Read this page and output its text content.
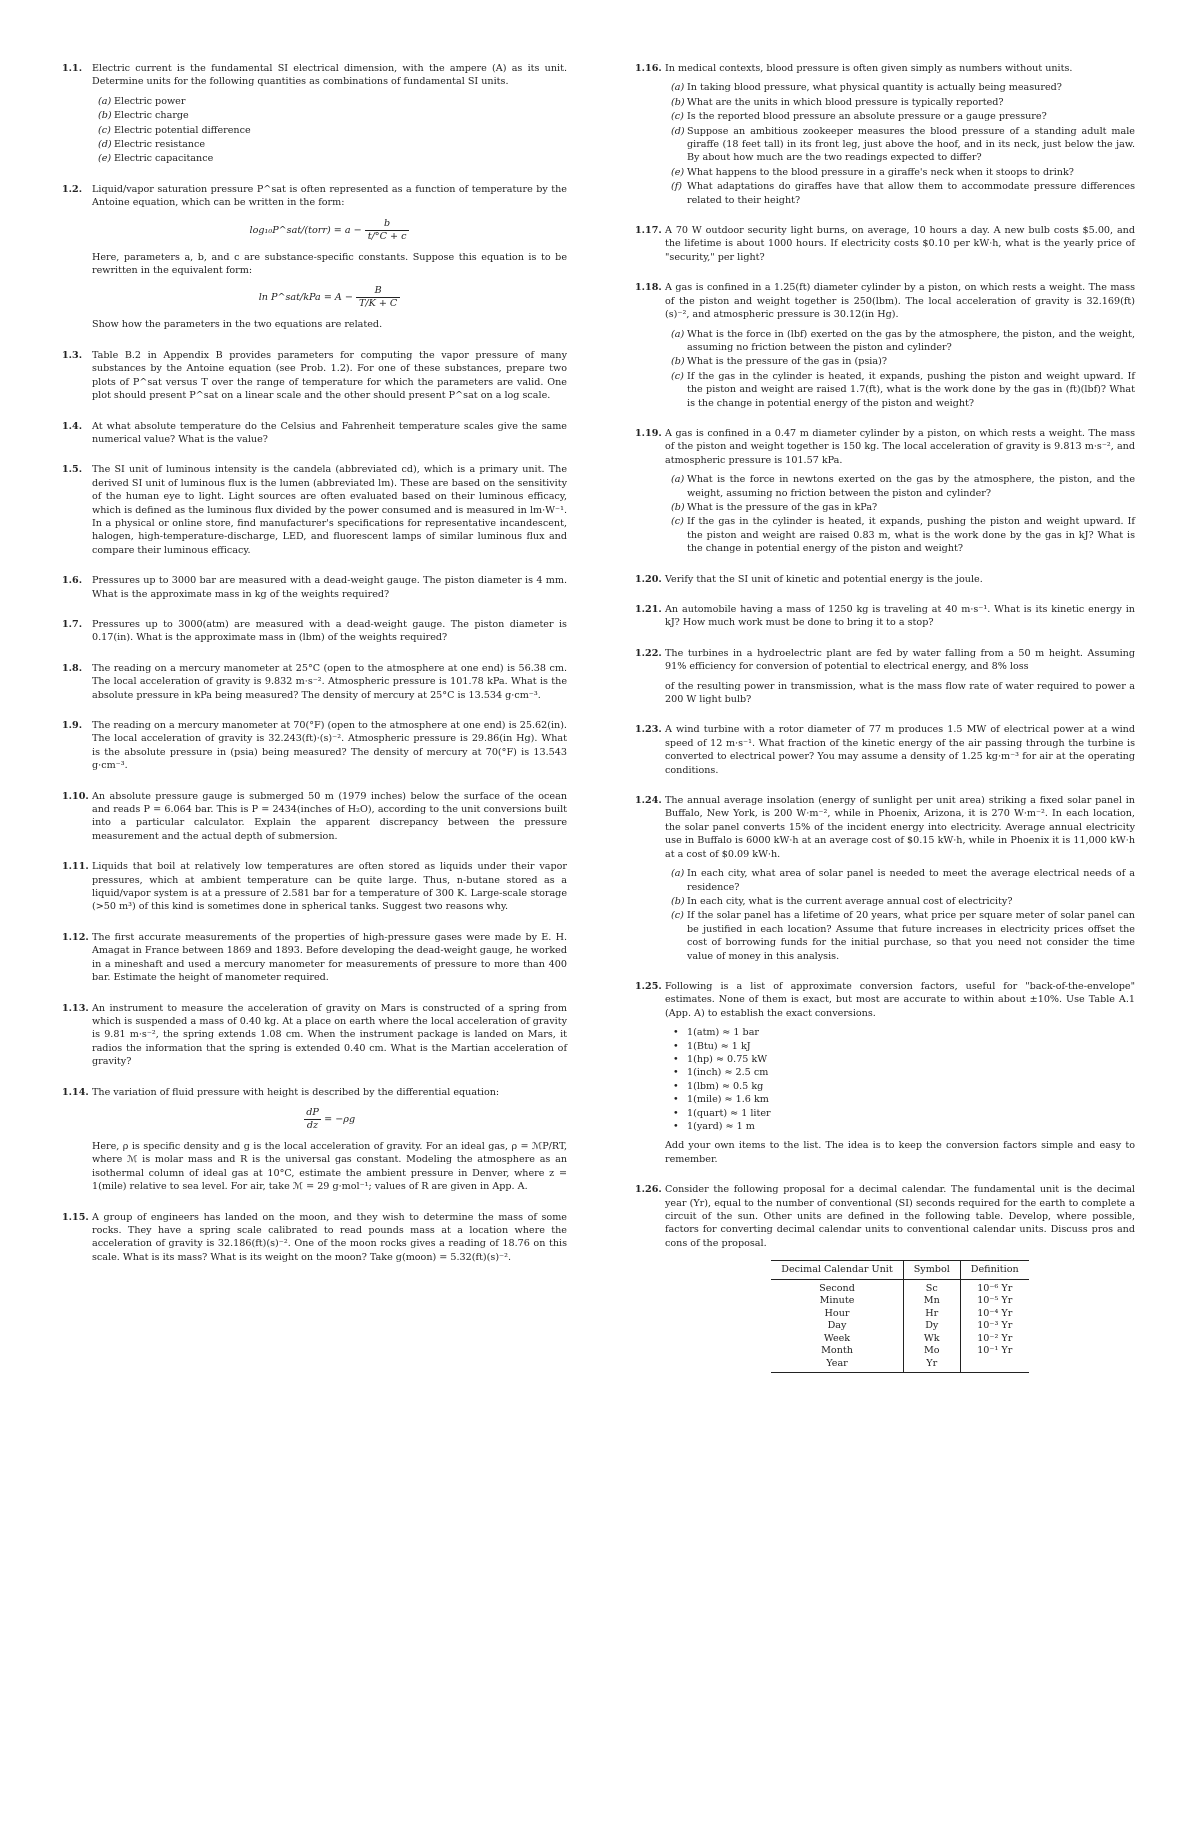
1.1. Electric current is the fundamental SI electrical dimension, with the ampere (A) as its unit. Determine units for the following quantities as combinations of fundamental SI units.

(a) Electric power
(b) Electric charge
(c) Electric potential difference
(d) Electric resistance
(e) Electric capacitance
1.2. Liquid/vapor saturation pressure P^sat is often represented as a function of temperature by the Antoine equation, which can be written in the form:

log₁₀P^sat/(torr) = $a - \frac{b}{t/^\circ C + c}$

Here, parameters a, b, and c are substance-specific constants. Suppose this equation is to be rewritten in the equivalent form:

ln P^sat/kPa = $A - \frac{B}{T/K + C}$

Show how the parameters in the two equations are related.

1.3. Table B.2 in Appendix B provides parameters for computing the vapor pressure of many substances by the Antoine equation (see Prob. 1.2). For one of these substances, prepare two plots of P^sat versus T over the range of temperature for which the parameters are valid. One plot should present P^sat on a linear scale and the other should present P^sat on a log scale.
1.4. At what absolute temperature do the Celsius and Fahrenheit temperature scales give the same numerical value? What is the value?
1.5. The SI unit of luminous intensity is the candela (abbreviated cd), which is a primary unit. The derived SI unit of luminous flux is the lumen (abbreviated lm). These are based on the sensitivity of the human eye to light. Light sources are often evaluated based on their luminous efficacy, which is defined as the luminous flux divided by the power consumed and is measured in lm·W⁻¹. In a physical or online store, find manufacturer's specifications for representative incandescent, halogen, high-temperature-discharge, LED, and fluorescent lamps of similar luminous flux and compare their luminous efficacy.
1.6. Pressures up to 3000 bar are measured with a dead-weight gauge. The piston diameter is 4 mm. What is the approximate mass in kg of the weights required?
1.7. Pressures up to 3000(atm) are measured with a dead-weight gauge. The piston diameter is 0.17(in). What is the approximate mass in (lbm) of the weights required?
1.8. The reading on a mercury manometer at 25°C (open to the atmosphere at one end) is 56.38 cm. The local acceleration of gravity is 9.832 m·s⁻². Atmospheric pressure is 101.78 kPa. What is the absolute pressure in kPa being measured? The density of mercury at 25°C is 13.534 g·cm⁻³.
1.9. The reading on a mercury manometer at 70(°F) (open to the atmosphere at one end) is 25.62(in). The local acceleration of gravity is 32.243(ft)·(s)⁻². Atmospheric pressure is 29.86(in Hg). What is the absolute pressure in (psia) being measured? The density of mercury at 70(°F) is 13.543 g·cm⁻³.
1.10. An absolute pressure gauge is submerged 50 m (1979 inches) below the surface of the ocean and reads P = 6.064 bar. This is P = 2434(inches of H₂O), according to the unit conversions built into a particular calculator. Explain the apparent discrepancy between the pressure measurement and the actual depth of submersion.
1.11. Liquids that boil at relatively low temperatures are often stored as liquids under their vapor pressures, which at ambient temperature can be quite large. Thus, n-butane stored as a liquid/vapor system is at a pressure of 2.581 bar for a temperature of 300 K. Large-scale storage (>50 m³) of this kind is sometimes done in spherical tanks. Suggest two reasons why.
1.12. The first accurate measurements of the properties of high-pressure gases were made by E. H. Amagat in France between 1869 and 1893. Before developing the dead-weight gauge, he worked in a mineshaft and used a mercury manometer for measurements of pressure to more than 400 bar. Estimate the height of manometer required.
1.13. An instrument to measure the acceleration of gravity on Mars is constructed of a spring from which is suspended a mass of 0.40 kg. At a place on earth where the local acceleration of gravity is 9.81 m·s⁻², the spring extends 1.08 cm. When the instrument package is landed on Mars, it radios the information that the spring is extended 0.40 cm. What is the Martian acceleration of gravity?
1.14. The variation of fluid pressure with height is described by the differential equation:

$\frac{dP}{dz} = -\rho g$

Here, ρ is specific density and g is the local acceleration of gravity. For an ideal gas, ρ = ℳP/RT, where ℳ is molar mass and R is the universal gas constant. Modeling the atmosphere as an isothermal column of ideal gas at 10°C, estimate the ambient pressure in Denver, where z = 1(mile) relative to sea level. For air, take ℳ = 29 g·mol⁻¹; values of R are given in App. A.

1.15. A group of engineers has landed on the moon, and they wish to determine the mass of some rocks. They have a spring scale calibrated to read pounds mass at a location where the acceleration of gravity is 32.186(ft)(s)⁻². One of the moon rocks gives a reading of 18.76 on this scale. What is its mass? What is its weight on the moon? Take g(moon) = 5.32(ft)(s)⁻².
1.16. In medical contexts, blood pressure is often given simply as numbers without units.

(a) In taking blood pressure, what physical quantity is actually being measured?
(b) What are the units in which blood pressure is typically reported?
(c) Is the reported blood pressure an absolute pressure or a gauge pressure?
(d) Suppose an ambitious zookeeper measures the blood pressure of a standing adult male giraffe (18 feet tall) in its front leg, just above the hoof, and in its neck, just below the jaw. By about how much are the two readings expected to differ?
(e) What happens to the blood pressure in a giraffe's neck when it stoops to drink?
(f) What adaptations do giraffes have that allow them to accommodate pressure differences related to their height?
1.17. A 70 W outdoor security light burns, on average, 10 hours a day. A new bulb costs $5.00, and the lifetime is about 1000 hours. If electricity costs $0.10 per kW·h, what is the yearly price of "security," per light?
1.18. A gas is confined in a 1.25(ft) diameter cylinder by a piston, on which rests a weight. The mass of the piston and weight together is 250(lbm). The local acceleration of gravity is 32.169(ft)(s)⁻², and atmospheric pressure is 30.12(in Hg).

(a) What is the force in (lbf) exerted on the gas by the atmosphere, the piston, and the weight, assuming no friction between the piston and cylinder?
(b) What is the pressure of the gas in (psia)?
(c) If the gas in the cylinder is heated, it expands, pushing the piston and weight upward. If the piston and weight are raised 1.7(ft), what is the work done by the gas in (ft)(lbf)? What is the change in potential energy of the piston and weight?
1.19. A gas is confined in a 0.47 m diameter cylinder by a piston, on which rests a weight. The mass of the piston and weight together is 150 kg. The local acceleration of gravity is 9.813 m·s⁻², and atmospheric pressure is 101.57 kPa.

(a) What is the force in newtons exerted on the gas by the atmosphere, the piston, and the weight, assuming no friction between the piston and cylinder?
(b) What is the pressure of the gas in kPa?
(c) If the gas in the cylinder is heated, it expands, pushing the piston and weight upward. If the piston and weight are raised 0.83 m, what is the work done by the gas in kJ? What is the change in potential energy of the piston and weight?
1.20. Verify that the SI unit of kinetic and potential energy is the joule.
1.21. An automobile having a mass of 1250 kg is traveling at 40 m·s⁻¹. What is its kinetic energy in kJ? How much work must be done to bring it to a stop?
1.22. The turbines in a hydroelectric plant are fed by water falling from a 50 m height. Assuming 91% efficiency for conversion of potential to electrical energy, and 8% loss
of the resulting power in transmission, what is the mass flow rate of water required to power a 200 W light bulb?
1.23. A wind turbine with a rotor diameter of 77 m produces 1.5 MW of electrical power at a wind speed of 12 m·s⁻¹. What fraction of the kinetic energy of the air passing through the turbine is converted to electrical power? You may assume a density of 1.25 kg·m⁻³ for air at the operating conditions.
1.24. The annual average insolation (energy of sunlight per unit area) striking a fixed solar panel in Buffalo, New York, is 200 W·m⁻², while in Phoenix, Arizona, it is 270 W·m⁻². In each location, the solar panel converts 15% of the incident energy into electricity. Average annual electricity use in Buffalo is 6000 kW·h at an average cost of $0.15 kW·h, while in Phoenix it is 11,000 kW·h at a cost of $0.09 kW·h.

(a) In each city, what area of solar panel is needed to meet the average electrical needs of a residence?
(b) In each city, what is the current average annual cost of electricity?
(c) If the solar panel has a lifetime of 20 years, what price per square meter of solar panel can be justified in each location? Assume that future increases in electricity prices offset the cost of borrowing funds for the initial purchase, so that you need not consider the time value of money in this analysis.
1.25. Following is a list of approximate conversion factors, useful for "back-of-the-envelope" estimates. None of them is exact, but most are accurate to within about ±10%. Use Table A.1 (App. A) to establish the exact conversions.

• 1(atm) ≈ 1 bar
• 1(Btu) ≈ 1 kJ
• 1(hp) ≈ 0.75 kW
• 1(inch) ≈ 2.5 cm
• 1(lbm) ≈ 0.5 kg
• 1(mile) ≈ 1.6 km
• 1(quart) ≈ 1 liter
• 1(yard) ≈ 1 m

Add your own items to the list. The idea is to keep the conversion factors simple and easy to remember.

1.26. Consider the following proposal for a decimal calendar. The fundamental unit is the decimal year (Yr), equal to the number of conventional (SI) seconds required for the earth to complete a circuit of the sun. Other units are defined in the following table. Develop, where possible, factors for converting decimal calendar units to conventional calendar units. Discuss pros and cons of the proposal.

Decimal Calendar Unit	Symbol	Definition
Second	Sc	10⁻⁶ Yr
Minute	Mn	10⁻⁵ Yr
Hour	Hr	10⁻⁴ Yr
Day	Dy	10⁻³ Yr
Week	Wk	10⁻² Yr
Month	Mo	10⁻¹ Yr
Year	Yr	
